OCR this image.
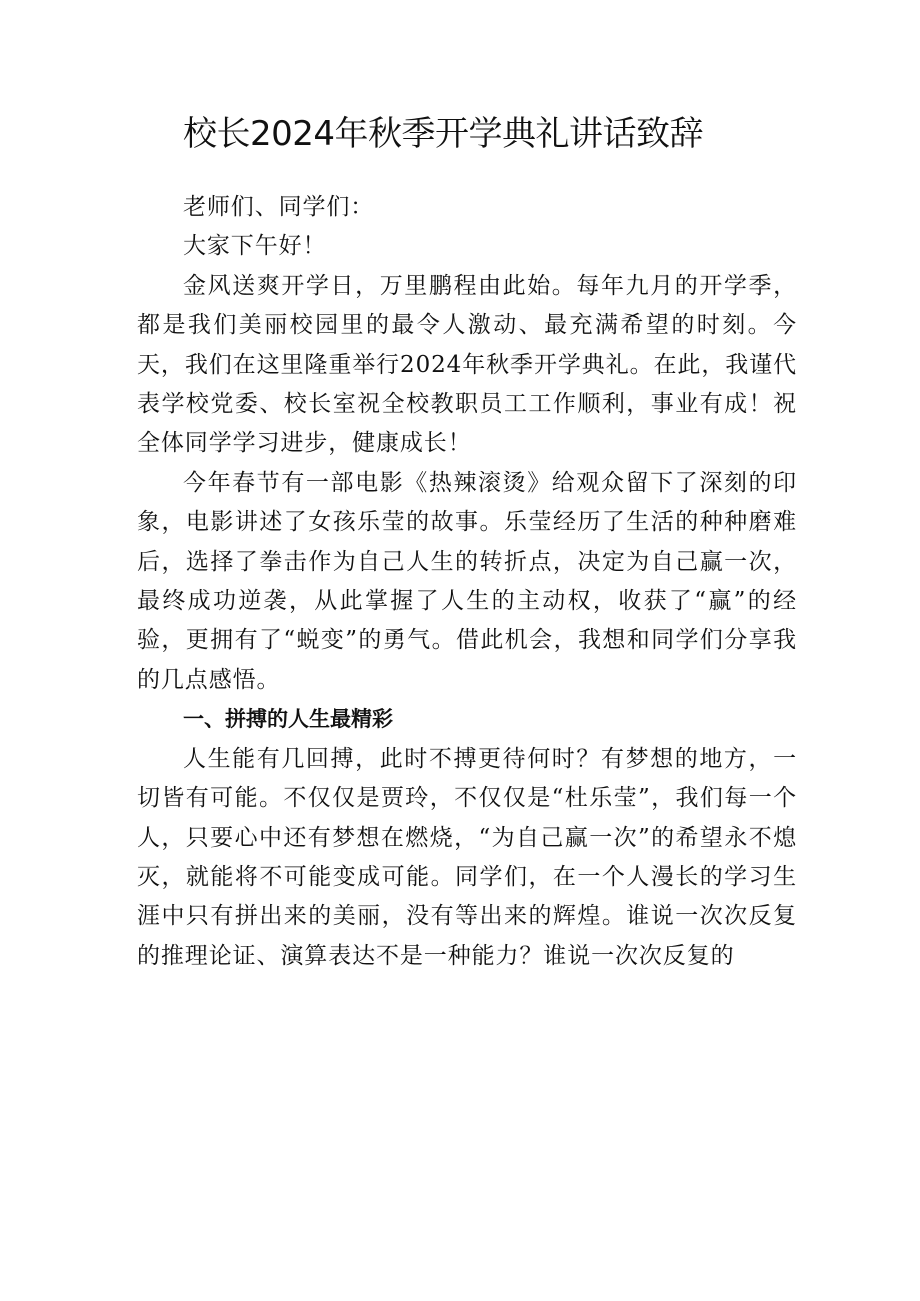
校长2024年秋季开学典礼讲话致辞

老师们、同学们：

大家下午好！

金风送爽开学日，万里鹏程由此始。每年九月的开学季，都是我们美丽校园里的最令人激动、最充满希望的时刻。今天，我们在这里隆重举行2024年秋季开学典礼。在此，我谨代表学校党委、校长室祝全校教职员工工作顺利，事业有成！祝全体同学学习进步，健康成长！

今年春节有一部电影《热辣滚烫》给观众留下了深刻的印象，电影讲述了女孩乐莹的故事。乐莹经历了生活的种种磨难后，选择了拳击作为自己人生的转折点，决定为自己赢一次，最终成功逆袭，从此掌握了人生的主动权，收获了“赢”的经验，更拥有了“蜕变”的勇气。借此机会，我想和同学们分享我的几点感悟。

一、拼搏的人生最精彩

人生能有几回搏，此时不搏更待何时？有梦想的地方，一切皆有可能。不仅仅是贾玲，不仅仅是“杜乐莹”，我们每一个人，只要心中还有梦想在燃烧，“为自己赢一次”的希望永不熄灭，就能将不可能变成可能。同学们，在一个人漫长的学习生涯中只有拼出来的美丽，没有等出来的辉煌。谁说一次次反复的推理论证、演算表达不是一种能力？谁说一次次反复的
